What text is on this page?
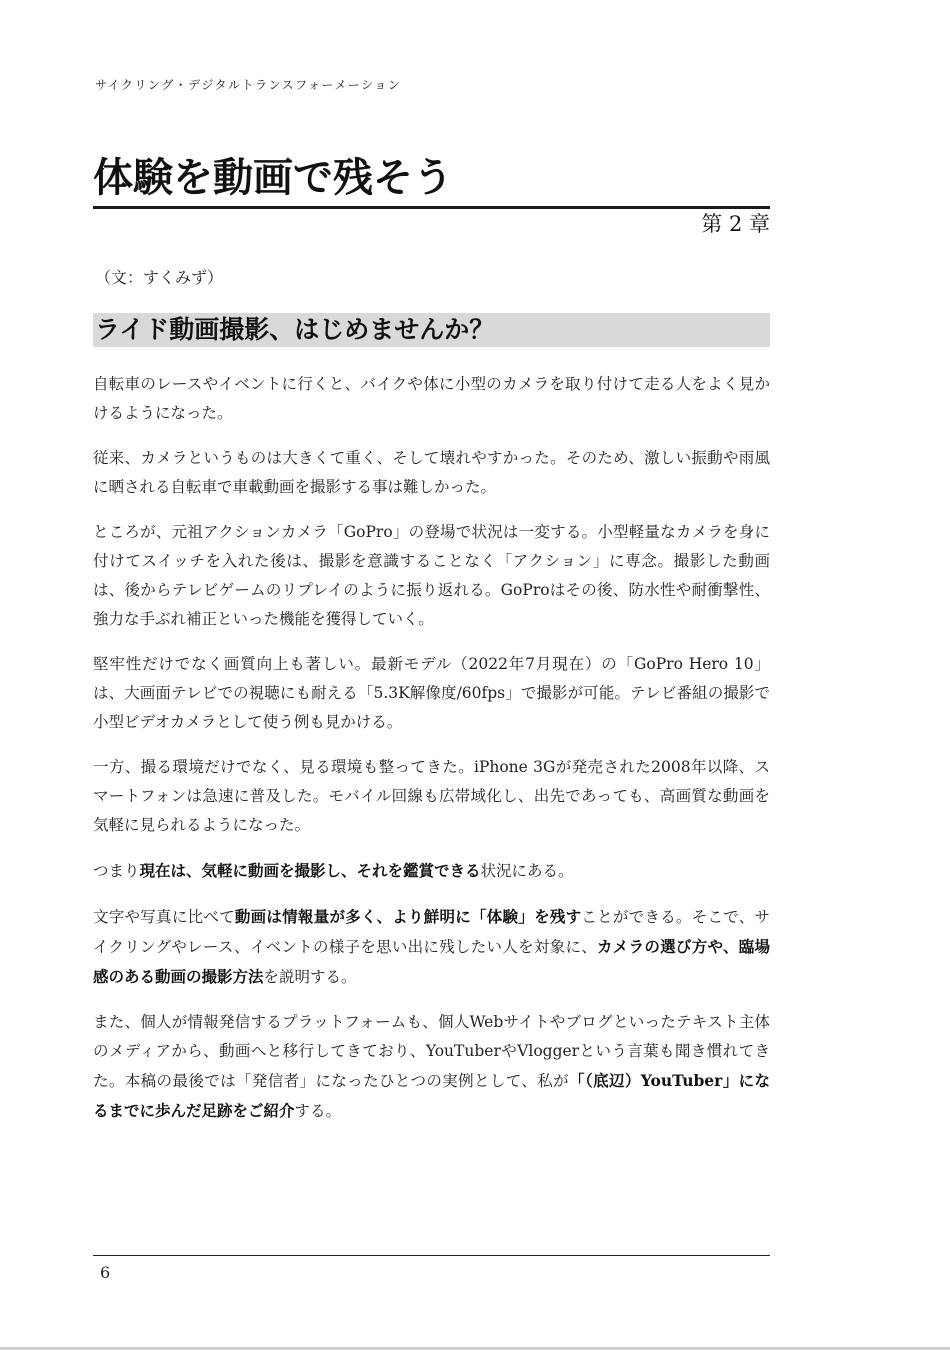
サイクリング・デジタルトランスフォーメーション
体験を動画で残そう
第 2 章
（文：すくみず）
ライド動画撮影、はじめませんか？

自転車のレースやイベントに行くと、バイクや体に小型のカメラを取り付けて走る人をよく見かけるようになった。

従来、カメラというものは大きくて重く、そして壊れやすかった。そのため、激しい振動や雨風に晒される自転車で車載動画を撮影する事は難しかった。

ところが、元祖アクションカメラ「GoPro」の登場で状況は一変する。小型軽量なカメラを身に付けてスイッチを入れた後は、撮影を意識することなく「アクション」に専念。撮影した動画は、後からテレビゲームのリプレイのように振り返れる。GoProはその後、防水性や耐衝撃性、強力な手ぶれ補正といった機能を獲得していく。

堅牢性だけでなく画質向上も著しい。最新モデル（2022年7月現在）の「GoPro Hero 10」は、大画面テレビでの視聴にも耐える「5.3K解像度/60fps」で撮影が可能。テレビ番組の撮影で小型ビデオカメラとして使う例も見かける。

一方、撮る環境だけでなく、見る環境も整ってきた。iPhone 3Gが発売された2008年以降、スマートフォンは急速に普及した。モバイル回線も広帯域化し、出先であっても、高画質な動画を気軽に見られるようになった。

つまり現在は、気軽に動画を撮影し、それを鑑賞できる状況にある。

文字や写真に比べて動画は情報量が多く、より鮮明に「体験」を残すことができる。そこで、サイクリングやレース、イベントの様子を思い出に残したい人を対象に、カメラの選び方や、臨場感のある動画の撮影方法を説明する。

また、個人が情報発信するプラットフォームも、個人Webサイトやブログといったテキスト主体のメディアから、動画へと移行してきており、YouTuberやVloggerという言葉も聞き慣れてきた。本稿の最後では「発信者」になったひとつの実例として、私が「（底辺）YouTuber」になるまでに歩んだ足跡をご紹介する。

6
